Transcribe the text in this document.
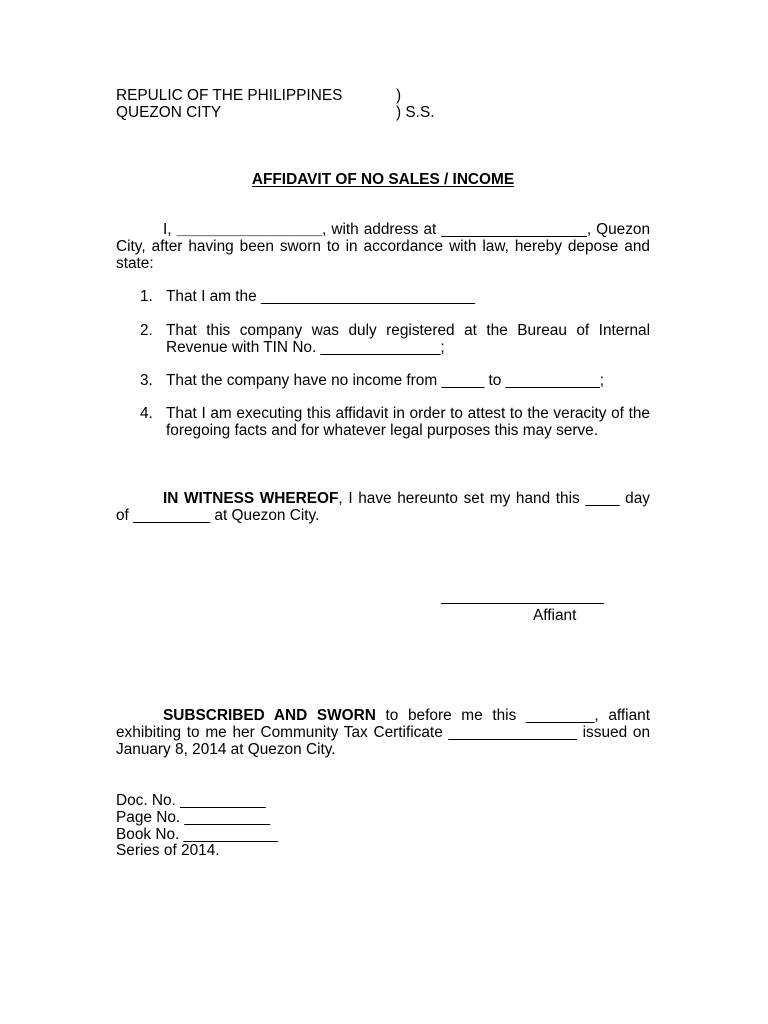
REPULIC OF THE PHILIPPINES	)
QUEZON CITY	) S.S.
AFFIDAVIT OF NO SALES / INCOME
I, _________________, with address at _________________, Quezon
City, after having been sworn to in accordance with law, hereby depose and
state:
1. That I am the _________________________
2. That this company was duly registered at the Bureau of Internal
Revenue with TIN No. ______________;
3. That the company have no income from _____ to ___________;
4. That I am executing this affidavit in order to attest to the veracity of the
foregoing facts and for whatever legal purposes this may serve.
IN WITNESS WHEREOF, I have hereunto set my hand this ____ day
of _________ at Quezon City.
___________________
Affiant
SUBSCRIBED AND SWORN to before me this ________, affiant
exhibiting to me her Community Tax Certificate _______________ issued on
January 8, 2014 at Quezon City.
Doc. No. __________
Page No. __________
Book No. ___________
Series of 2014.
